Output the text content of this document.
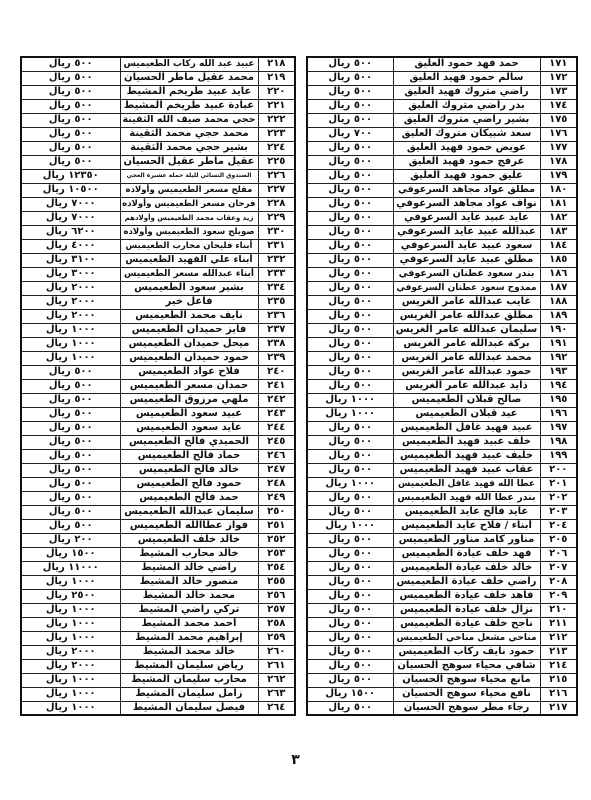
١٧١	حمد فهد حمود العليق	٥٠٠ ريال
١٧٢	سالم حمود فهيد العليق	٥٠٠ ريال
١٧٣	راضي متروك فهيد العليق	٥٠٠ ريال
١٧٤	بدر راضي متروك العليق	٥٠٠ ريال
١٧٥	بشير راضي متروك العليق	٥٠٠ ريال
١٧٦	سعد شبيكان متروك العليق	٧٠٠ ريال
١٧٧	عويض حمود فهيد العليق	٥٠٠ ريال
١٧٨	عرفج حمود فهيد العليق	٥٠٠ ريال
١٧٩	عليق حمود فهيد العليق	٥٠٠ ريال
١٨٠	مطلق عواد مجاهد السرعوفي	٥٠٠ ريال
١٨١	نواف عواد مجاهد السرعوفي	٥٠٠ ريال
١٨٢	عايد عبيد عايد السرعوفي	٥٠٠ ريال
١٨٣	عبدالله عبيد عايد السرعوفي	٥٠٠ ريال
١٨٤	سعود عبيد عايد السرعوفي	٥٠٠ ريال
١٨٥	مطلق عبيد عايد السرعوفي	٥٠٠ ريال
١٨٦	بندر سعود عطنان السرعوفي	٥٠٠ ريال
١٨٧	ممدوح سعود عطنان السرعوفي	٥٠٠ ريال
١٨٨	غايب عبدالله عامر الغريس	٥٠٠ ريال
١٨٩	مطلق عبدالله عامر الغريس	٥٠٠ ريال
١٩٠	سليمان عبدالله عامر الغريس	٥٠٠ ريال
١٩١	بركة عبدالله عامر الغريس	٥٠٠ ريال
١٩٢	محمد عبدالله عامر الغريس	٥٠٠ ريال
١٩٣	حمود عبدالله عامر الغريس	٥٠٠ ريال
١٩٤	ذايد عبدالله عامر الغريس	٥٠٠ ريال
١٩٥	صالح قبلان الطعيميس	١٠٠٠ ريال
١٩٦	عيد قبلان الطعيميس	١٠٠٠ ريال
١٩٧	عبيد فهيد غافل الطعيميس	٥٠٠ ريال
١٩٨	خلف عبيد فهيد الطعيميس	٥٠٠ ريال
١٩٩	خليف عبيد فهيد الطعيميس	٥٠٠ ريال
٢٠٠	عقاب عبيد فهيد الطعيميس	٥٠٠ ريال
٢٠١	عطا الله فهيد غافل الطعيميس	١٠٠٠ ريال
٢٠٢	بندر عطا الله فهيد الطعيميس	٥٠٠ ريال
٢٠٣	عايد فالح عايد الطعيميس	٥٠٠ ريال
٢٠٤	أبناء / فلاح عايد الطعيميس	١٠٠٠ ريال
٢٠٥	مناور كامد مناور الطعيميس	٥٠٠ ريال
٢٠٦	فهد خلف عيادة الطعيميس	٥٠٠ ريال
٢٠٧	خالد خلف عيادة الطعيميس	٥٠٠ ريال
٢٠٨	راضي خلف عيادة الطعيميس	٥٠٠ ريال
٢٠٩	فاهد خلف عيادة الطعيميس	٥٠٠ ريال
٢١٠	نزال خلف عيادة الطعيميس	٥٠٠ ريال
٢١١	ناجح خلف عيادة الطعيميس	٥٠٠ ريال
٢١٢	مناحي مشعل مناحي الطعيميس	٥٠٠ ريال
٢١٣	حمود نايف ركاب الطعيميس	٥٠٠ ريال
٢١٤	شافي محياء سوهج الحسيان	٥٠٠ ريال
٢١٥	مانع محياء سوهج الحسيان	٥٠٠ ريال
٢١٦	نافع محياء سوهج الحسيان	١٥٠٠ ريال
٢١٧	رجاء مطر سوهج الحسيان	٥٠٠ ريال
٢١٨	عبيد عبد الله ركاب الطعيميس	٥٠٠ ريال
٢١٩	محمد عقيل ماطر الحسيان	٥٠٠ ريال
٢٢٠	عايد عبيد طريخم المشيط	٥٠٠ ريال
٢٢١	عبادة عبيد طريخم المشيط	٥٠٠ ريال
٢٢٢	حجي محمد ضيف الله الثقينة	٥٠٠ ريال
٢٢٣	محمد حجي محمد الثقينة	٥٠٠ ريال
٢٢٤	بشير حجي محمد الثقينة	٥٠٠ ريال
٢٢٥	عقيل ماطر عقيل الحسيان	٥٠٠ ريال
٢٢٦	الصندوق النسائي لليلة حملة عشيرة العجي	١٢٣٥٠ ريال
٢٢٧	مقلح مسعر الطعيميس وأولاده	١٠٥٠٠ ريال
٢٢٨	فرحان مسعر الطعيميس وأولاده	٧٠٠٠ ريال
٢٢٩	زيد وعقاب محمد الطعيميس وأولادهم	٧٠٠٠ ريال
٢٣٠	صويلح سعود الطعيميس وأولاده	٦٢٠٠ ريال
٢٣١	أبناء فليحان محارب الطعيميس	٤٠٠٠ ريال
٢٣٢	أبناء علي الفهيد الطعيميس	٣١٠٠ ريال
٢٣٣	أبناء عبدالله مسعر الطعيميس	٣٠٠٠ ريال
٢٣٤	بشير سعود الطعيميس	٢٠٠٠ ريال
٢٣٥	فاعل خير	٢٠٠٠ ريال
٢٣٦	نايف محمد الطعيميس	٢٠٠٠ ريال
٢٣٧	فايز حميدان الطعيميس	١٠٠٠ ريال
٢٣٨	ميحل حميدان الطعيميس	١٠٠٠ ريال
٢٣٩	حمود حميدان الطعيميس	١٠٠٠ ريال
٢٤٠	فلاح عواد الطعيميس	٥٠٠ ريال
٢٤١	حمدان مسعر الطعيميس	٥٠٠ ريال
٢٤٢	ملهي مرزوق الطعيميس	٥٠٠ ريال
٢٤٣	عبيد سعود الطعيميس	٥٠٠ ريال
٢٤٤	عايد سعود الطعيميس	٥٠٠ ريال
٢٤٥	الحميدي فالح الطعيميس	٥٠٠ ريال
٢٤٦	حماد فالح الطعيميس	٥٠٠ ريال
٢٤٧	خالد فالح الطعيميس	٥٠٠ ريال
٢٤٨	حمود فالح الطعيميس	٥٠٠ ريال
٢٤٩	حمد فالح الطعيميس	٥٠٠ ريال
٢٥٠	سليمان عبدالله الطعيميس	٥٠٠ ريال
٢٥١	فواز عطاالله الطعيميس	٥٠٠ ريال
٢٥٢	خالد خلف الطعيميس	٢٠٠ ريال
٢٥٣	خالد محارب المشيط	١٥٠٠ ريال
٢٥٤	راضي خالد المشيط	١١٠٠٠ ريال
٢٥٥	منصور خالد المشيط	١٠٠٠ ريال
٢٥٦	محمد خالد المشيط	٢٥٠٠ ريال
٢٥٧	تركي راضي المشيط	١٠٠٠ ريال
٢٥٨	أحمد محمد المشيط	١٠٠٠ ريال
٢٥٩	إبراهيم محمد المشيط	١٠٠٠ ريال
٢٦٠	خالد محمد المشيط	٢٠٠٠ ريال
٢٦١	رياض سليمان المشيط	٢٠٠٠ ريال
٢٦٢	محارب سليمان المشيط	١٠٠٠ ريال
٢٦٣	زامل سليمان المشيط	١٠٠٠ ريال
٢٦٤	فيصل سليمان المشيط	١٠٠٠ ريال
٣
